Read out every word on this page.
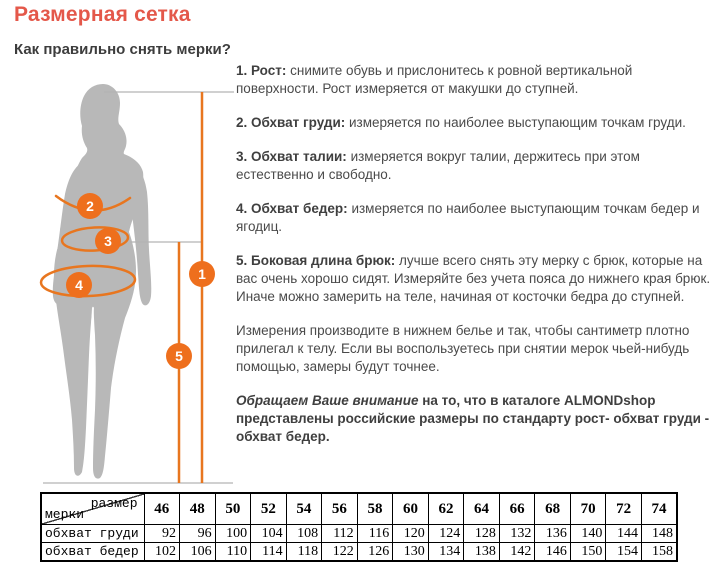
Размерная сетка
Как правильно снять мерки?
1
2
3
4
5

1. Рост: снимите обувь и прислонитесь к ровной вертикальной поверхности. Рост измеряется от макушки до ступней.

2. Обхват груди: измеряется по наиболее выступающим точкам груди.

3. Обхват талии: измеряется вокруг талии, держитесь при этом естественно и свободно.

4. Обхват бедер: измеряется по наиболее выступающим точкам бедер и ягодиц.

5. Боковая длина брюк: лучше всего снять эту мерку с брюк, которые на вас очень хорошо сидят. Измеряйте без учета пояса до нижнего края брюк. Иначе можно замерить на теле, начиная от косточки бедра до ступней.

Измерения производите в нижнем белье и так, чтобы сантиметр плотно прилегал к телу. Если вы воспользуетесь при снятии мерок чьей-нибудь помощью, замеры будут точнее.

Обращаем Ваше внимание на то, что в каталоге ALMONDshop представлены российские размеры по стандарту рост- обхват груди - обхват бедер.

размер
мерки	46	48	50	52	54	56	58	60	62	64	66	68	70	72	74
обхват груди	92	96	100	104	108	112	116	120	124	128	132	136	140	144	148
обхват бедер	102	106	110	114	118	122	126	130	134	138	142	146	150	154	158
